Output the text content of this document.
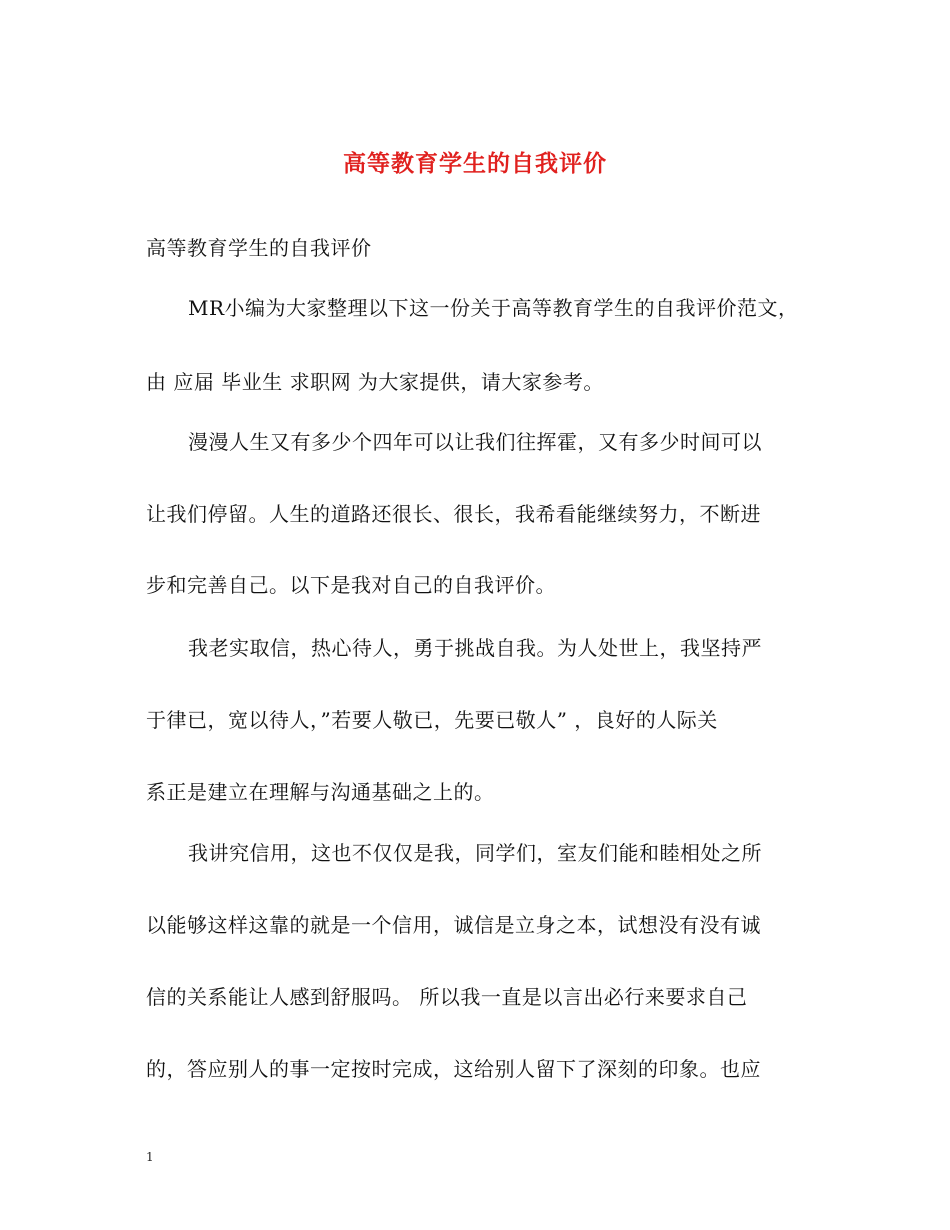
高等教育学生的自我评价
高等教育学生的自我评价
MR小编为大家整理以下这一份关于高等教育学生的自我评价范文，
由 应届 毕业生 求职网 为大家提供，请大家参考。
漫漫人生又有多少个四年可以让我们往挥霍，又有多少时间可以
让我们停留。人生的道路还很长、很长，我希看能继续努力，不断进
步和完善自己。以下是我对自己的自我评价。
我老实取信，热心待人，勇于挑战自我。为人处世上，我坚持严
于律已，宽以待人，”若要人敬已，先要已敬人” ，良好的人际关
系正是建立在理解与沟通基础之上的。
我讲究信用，这也不仅仅是我，同学们，室友们能和睦相处之所
以能够这样这靠的就是一个信用，诚信是立身之本，试想没有没有诚
信的关系能让人感到舒服吗。 所以我一直是以言出必行来要求自己
的，答应别人的事一定按时完成，这给别人留下了深刻的印象。也应
1
